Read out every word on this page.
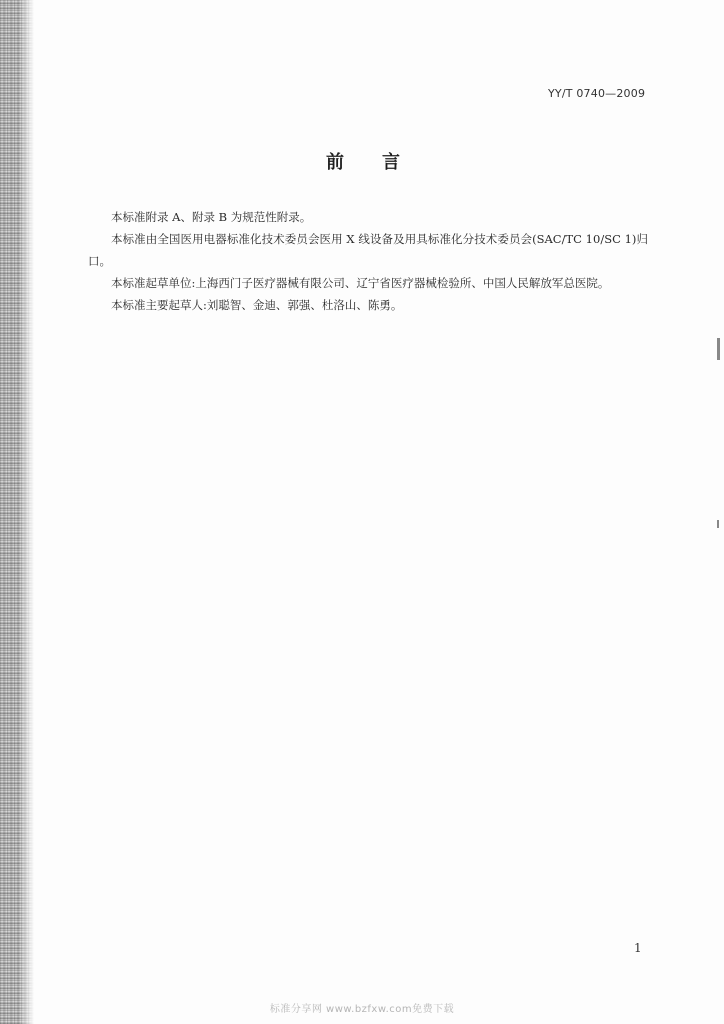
YY/T 0740—2009
前言

本标准附录 A、附录 B 为规范性附录。

本标准由全国医用电器标准化技术委员会医用 X 线设备及用具标准化分技术委员会(SAC/TC 10/SC 1)归口。

本标准起草单位:上海西门子医疗器械有限公司、辽宁省医疗器械检验所、中国人民解放军总医院。

本标准主要起草人:刘聪智、金迪、郭强、杜洛山、陈勇。

1
标准分享网 www.bzfxw.com免费下载
